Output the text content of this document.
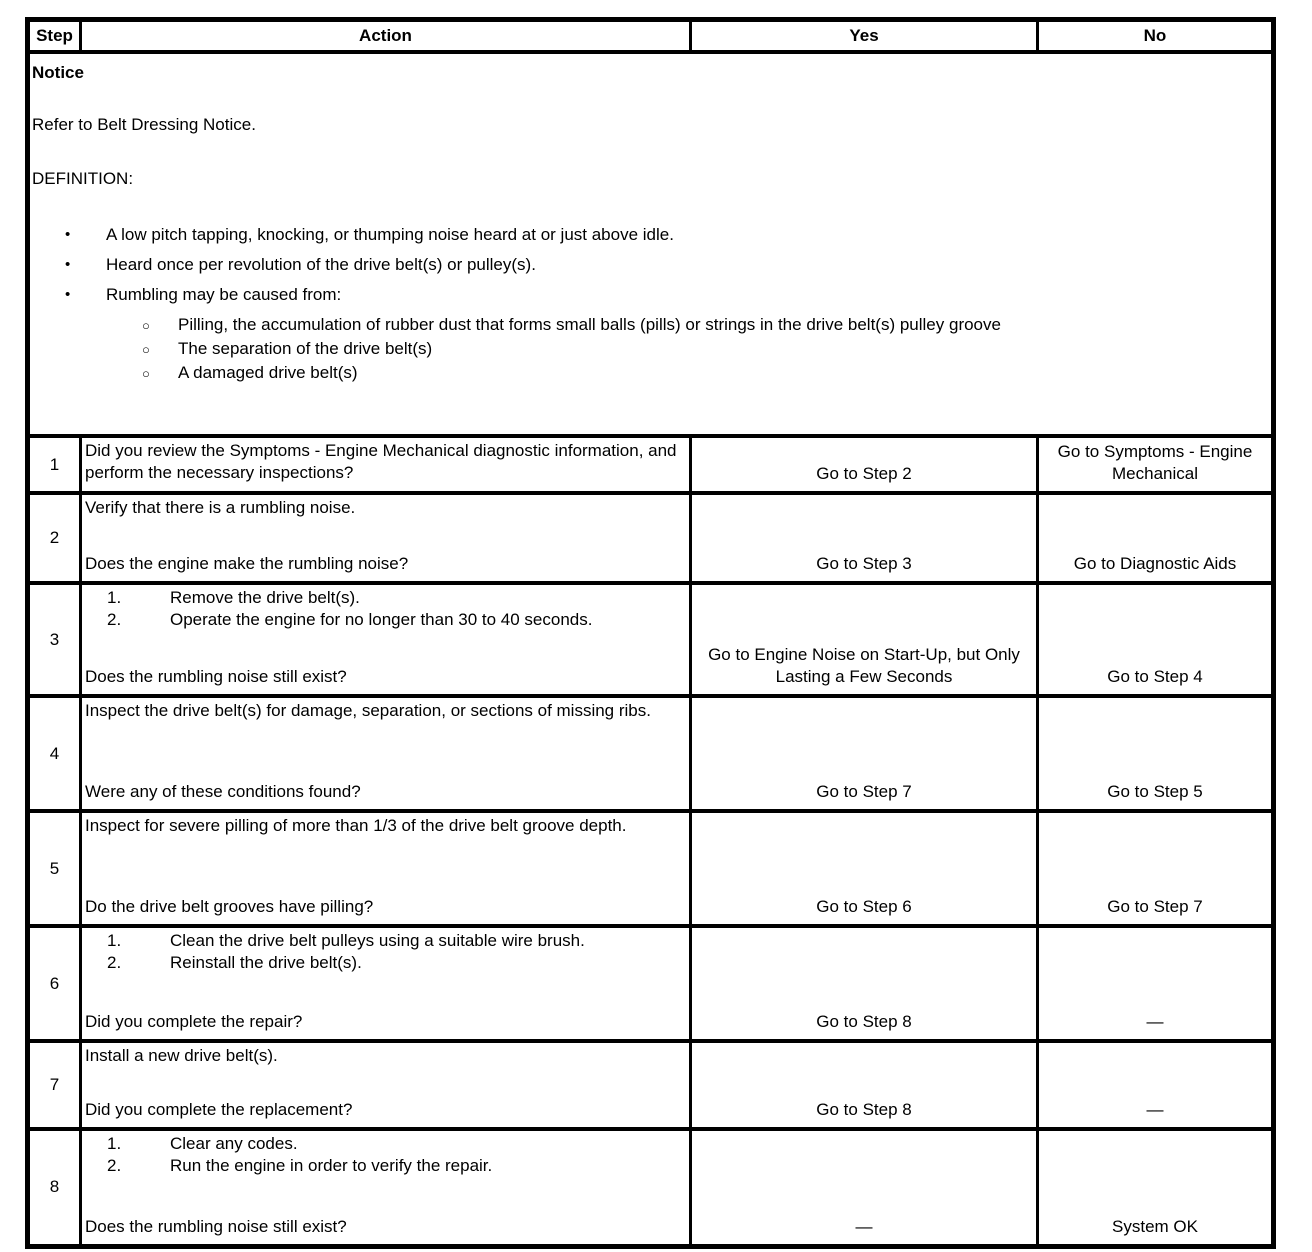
Step	Action	Yes	No

Notice
Refer to Belt Dressing Notice.
DEFINITION:
• A low pitch tapping, knocking, or thumping noise heard at or just above idle.
• Heard once per revolution of the drive belt(s) or pulley(s).
• Rumbling may be caused from:
○ Pilling, the accumulation of rubber dust that forms small balls (pills) or strings in the drive belt(s) pulley groove
○ The separation of the drive belt(s)
○ A damaged drive belt(s)

1	Did you review the Symptoms - Engine Mechanical diagnostic information, and perform the necessary inspections?	Go to Step 2	Go to Symptoms - Engine Mechanical
2	Verify that there is a rumbling noise.
Does the engine make the rumbling noise?	Go to Step 3	Go to Diagnostic Aids
3	1. Remove the drive belt(s).
2. Operate the engine for no longer than 30 to 40 seconds.
Does the rumbling noise still exist?	Go to Engine Noise on Start-Up, but Only Lasting a Few Seconds	Go to Step 4
4	Inspect the drive belt(s) for damage, separation, or sections of missing ribs.
Were any of these conditions found?	Go to Step 7	Go to Step 5
5	Inspect for severe pilling of more than 1/3 of the drive belt groove depth.
Do the drive belt grooves have pilling?	Go to Step 6	Go to Step 7
6	1. Clean the drive belt pulleys using a suitable wire brush.
2. Reinstall the drive belt(s).
Did you complete the repair?	Go to Step 8	—
7	Install a new drive belt(s).
Did you complete the replacement?	Go to Step 8	—
8	1. Clear any codes.
2. Run the engine in order to verify the repair.
Does the rumbling noise still exist?	—	System OK
